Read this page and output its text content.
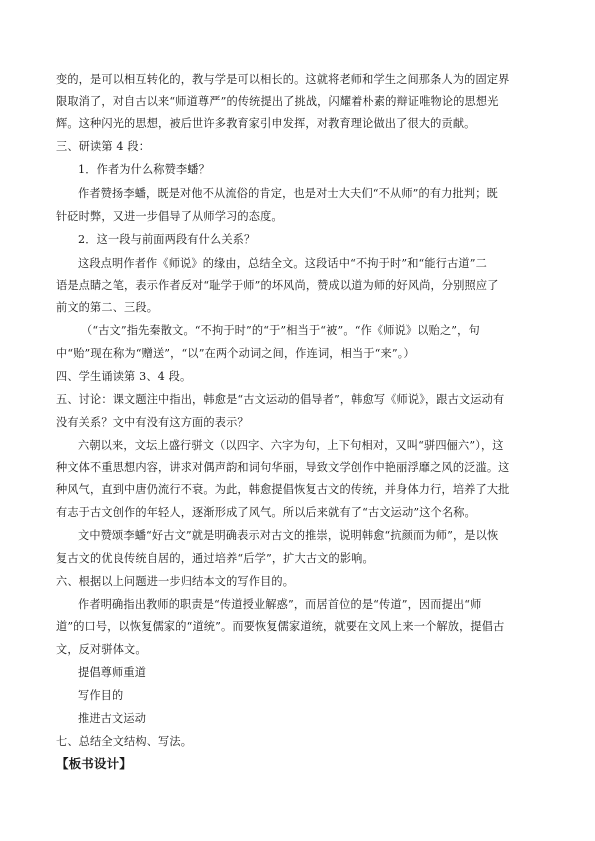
变的，是可以相互转化的，教与学是可以相长的。这就将老师和学生之间那条人为的固定界
限取消了，对自古以来“师道尊严”的传统提出了挑战，闪耀着朴素的辩证唯物论的思想光
辉。这种闪光的思想，被后世许多教育家引申发挥，对教育理论做出了很大的贡献。
三、研读第 4 段：
1．作者为什么称赞李蟠？
作者赞扬李蟠，既是对他不从流俗的肯定，也是对士大夫们“不从师”的有力批判；既
针砭时弊，又进一步倡导了从师学习的态度。
2．这一段与前面两段有什么关系？
这段点明作者作《师说》的缘由，总结全文。这段话中“不拘于时”和“能行古道”二
语是点睛之笔，表示作者反对“耻学于师”的坏风尚，赞成以道为师的好风尚，分别照应了
前文的第二、三段。
（“古文”指先秦散文。“不拘于时”的“于”相当于“被”。“作《师说》以贻之”，句
中“贻”现在称为“赠送”，“以”在两个动词之间，作连词，相当于“来”。）
四、学生诵读第 3、4 段。
五、讨论：课文题注中指出，韩愈是“古文运动的倡导者”，韩愈写《师说》，跟古文运动有
没有关系？文中有没有这方面的表示？
六朝以来，文坛上盛行骈文（以四字、六字为句，上下句相对，又叫“骈四俪六”），这
种文体不重思想内容，讲求对偶声韵和词句华丽，导致文学创作中艳丽浮靡之风的泛滥。这
种风气，直到中唐仍流行不衰。为此，韩愈提倡恢复古文的传统，并身体力行，培养了大批
有志于古文创作的年轻人，逐渐形成了风气。所以后来就有了“古文运动”这个名称。
文中赞颂李蟠“好古文”就是明确表示对古文的推崇，说明韩愈“抗颜而为师”，是以恢
复古文的优良传统自居的，通过培养“后学”，扩大古文的影响。
六、根据以上问题进一步归结本文的写作目的。
作者明确指出教师的职责是“传道授业解惑”，而居首位的是“传道”，因而提出“师
道”的口号，以恢复儒家的“道统”。而要恢复儒家道统，就要在文风上来一个解放，提倡古
文，反对骈体文。
提倡尊师重道
写作目的
推进古文运动
七、总结全文结构、写法。
【板书设计】
